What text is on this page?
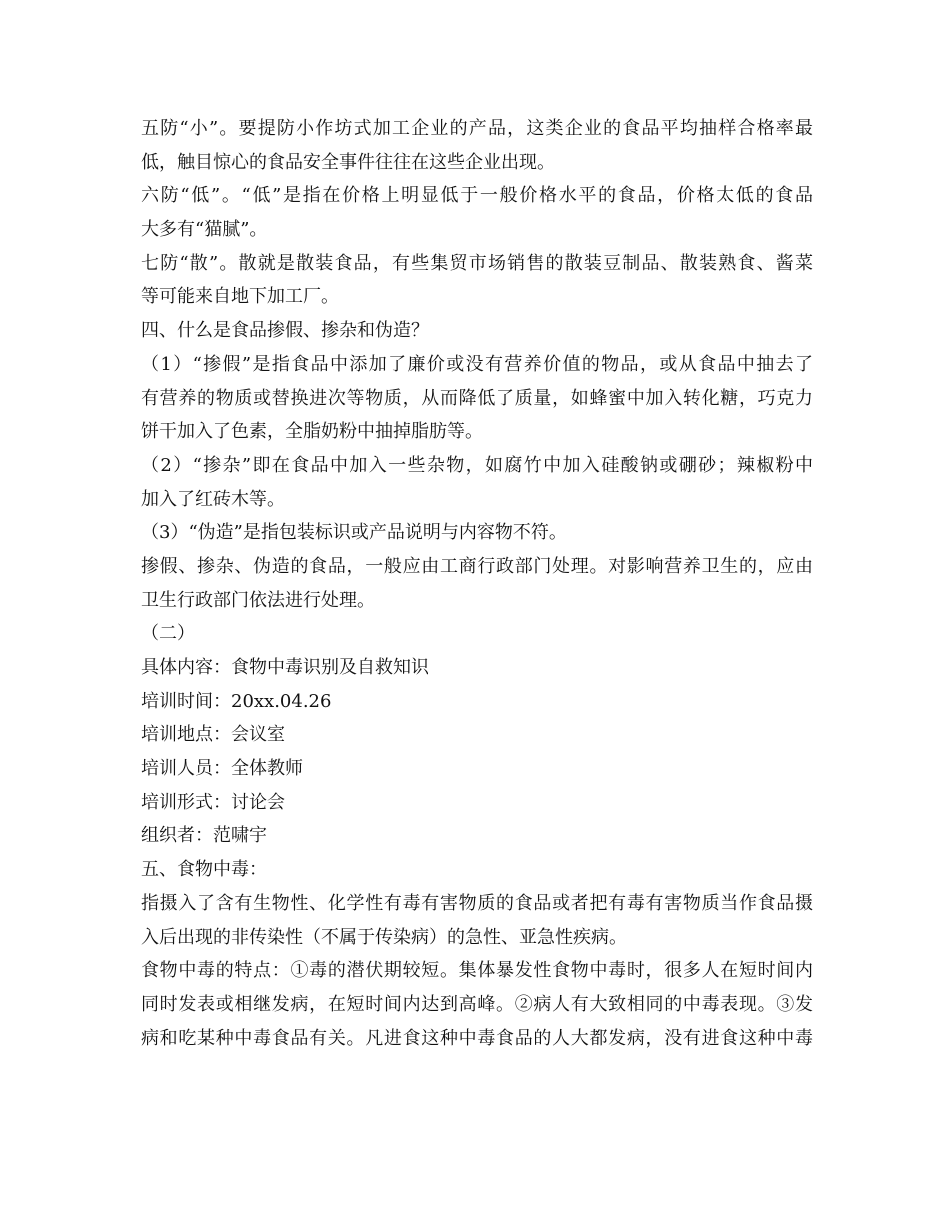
五防“小”。要提防小作坊式加工企业的产品，这类企业的食品平均抽样合格率最
低，触目惊心的食品安全事件往往在这些企业出现。
六防“低”。“低”是指在价格上明显低于一般价格水平的食品，价格太低的食品
大多有“猫腻”。
七防“散”。散就是散装食品，有些集贸市场销售的散装豆制品、散装熟食、酱菜
等可能来自地下加工厂。
四、什么是食品掺假、掺杂和伪造？
（1）“掺假”是指食品中添加了廉价或没有营养价值的物品，或从食品中抽去了
有营养的物质或替换进次等物质，从而降低了质量，如蜂蜜中加入转化糖，巧克力
饼干加入了色素，全脂奶粉中抽掉脂肪等。
（2）“掺杂”即在食品中加入一些杂物，如腐竹中加入硅酸钠或硼砂；辣椒粉中
加入了红砖木等。
（3）“伪造”是指包装标识或产品说明与内容物不符。
掺假、掺杂、伪造的食品，一般应由工商行政部门处理。对影响营养卫生的，应由
卫生行政部门依法进行处理。
（二）
具体内容：食物中毒识别及自救知识
培训时间：20xx.04.26
培训地点：会议室
培训人员：全体教师
培训形式：讨论会
组织者：范啸宇
五、食物中毒：
指摄入了含有生物性、化学性有毒有害物质的食品或者把有毒有害物质当作食品摄
入后出现的非传染性（不属于传染病）的急性、亚急性疾病。
食物中毒的特点：①毒的潜伏期较短。集体暴发性食物中毒时，很多人在短时间内
同时发表或相继发病，在短时间内达到高峰。②病人有大致相同的中毒表现。③发
病和吃某种中毒食品有关。凡进食这种中毒食品的人大都发病，没有进食这种中毒
